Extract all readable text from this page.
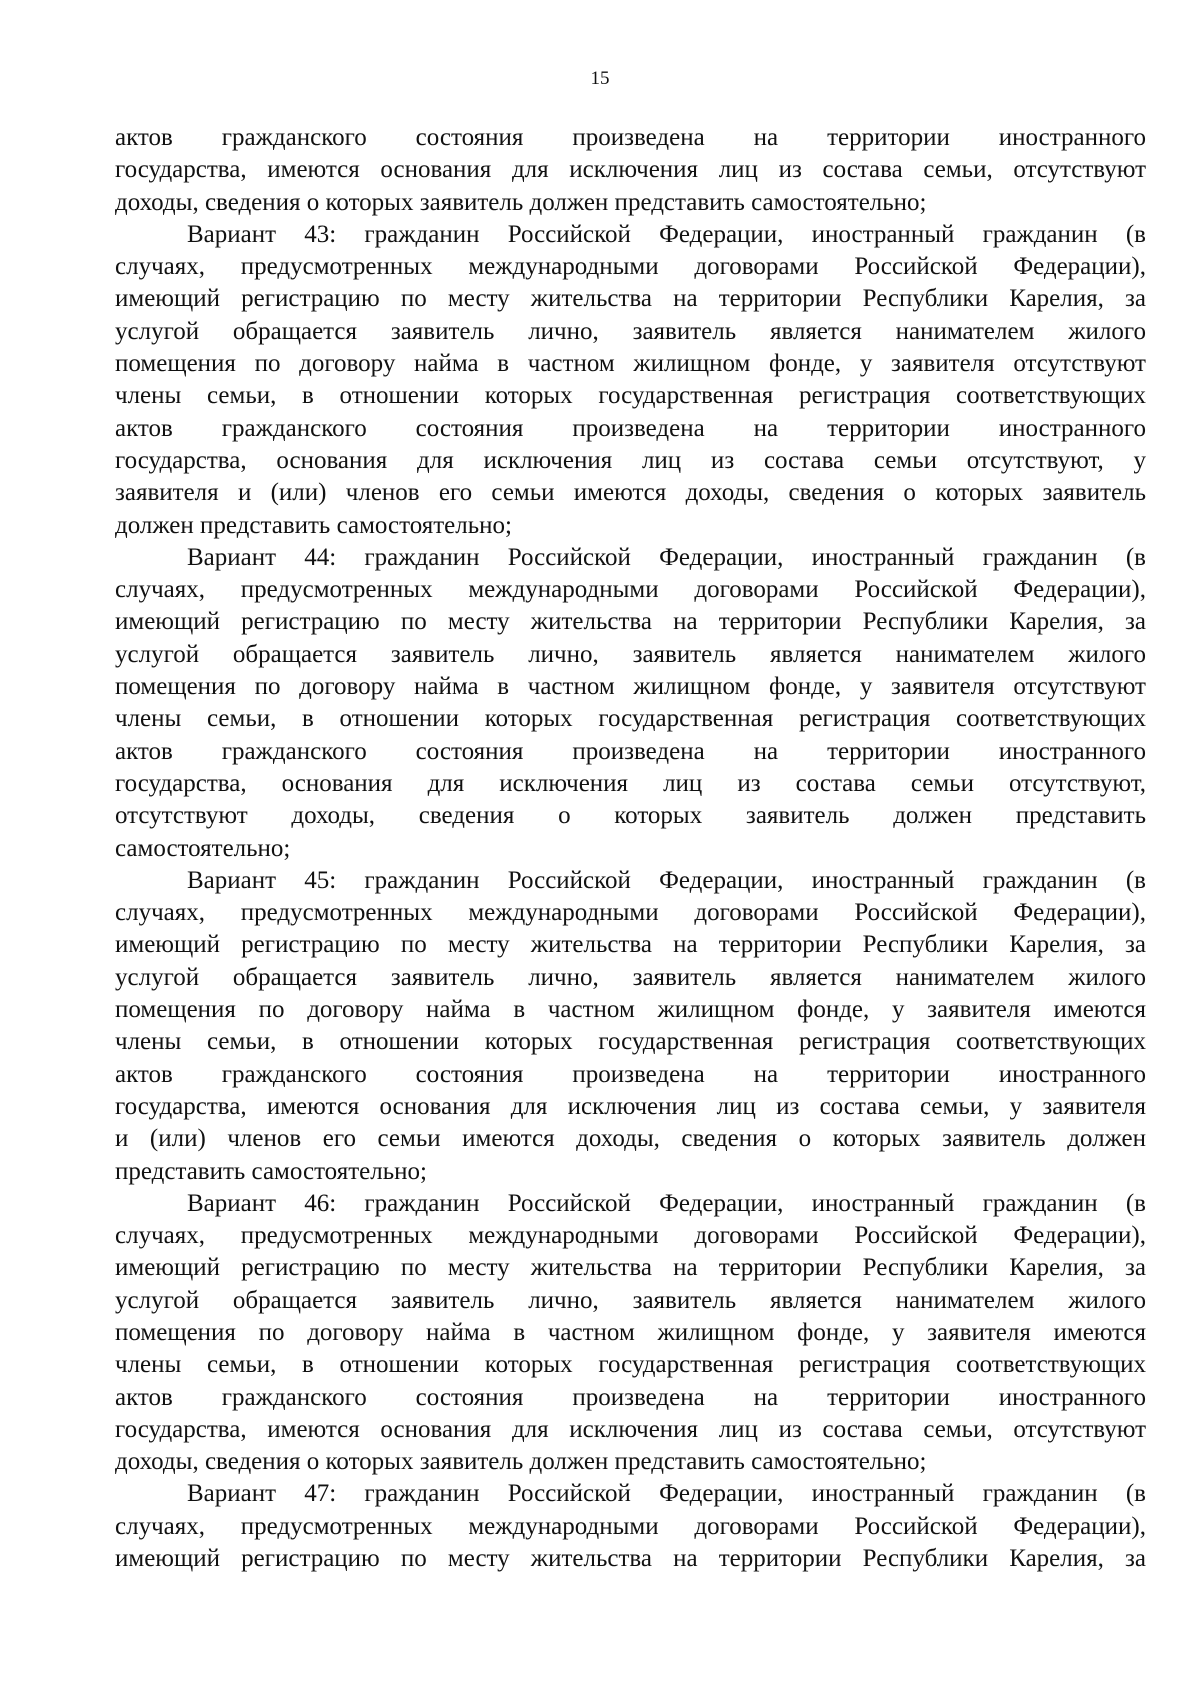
15
актов гражданского состояния произведена на территории иностранного
государства, имеются основания для исключения лиц из состава семьи, отсутствуют
доходы, сведения о которых заявитель должен представить самостоятельно;
Вариант 43: гражданин Российской Федерации, иностранный гражданин (в
случаях, предусмотренных международными договорами Российской Федерации),
имеющий регистрацию по месту жительства на территории Республики Карелия, за
услугой обращается заявитель лично, заявитель является нанимателем жилого
помещения по договору найма в частном жилищном фонде, у заявителя отсутствуют
члены семьи, в отношении которых государственная регистрация соответствующих
актов гражданского состояния произведена на территории иностранного
государства, основания для исключения лиц из состава семьи отсутствуют, у
заявителя и (или) членов его семьи имеются доходы, сведения о которых заявитель
должен представить самостоятельно;
Вариант 44: гражданин Российской Федерации, иностранный гражданин (в
случаях, предусмотренных международными договорами Российской Федерации),
имеющий регистрацию по месту жительства на территории Республики Карелия, за
услугой обращается заявитель лично, заявитель является нанимателем жилого
помещения по договору найма в частном жилищном фонде, у заявителя отсутствуют
члены семьи, в отношении которых государственная регистрация соответствующих
актов гражданского состояния произведена на территории иностранного
государства, основания для исключения лиц из состава семьи отсутствуют,
отсутствуют доходы, сведения о которых заявитель должен представить
самостоятельно;
Вариант 45: гражданин Российской Федерации, иностранный гражданин (в
случаях, предусмотренных международными договорами Российской Федерации),
имеющий регистрацию по месту жительства на территории Республики Карелия, за
услугой обращается заявитель лично, заявитель является нанимателем жилого
помещения по договору найма в частном жилищном фонде, у заявителя имеются
члены семьи, в отношении которых государственная регистрация соответствующих
актов гражданского состояния произведена на территории иностранного
государства, имеются основания для исключения лиц из состава семьи, у заявителя
и (или) членов его семьи имеются доходы, сведения о которых заявитель должен
представить самостоятельно;
Вариант 46: гражданин Российской Федерации, иностранный гражданин (в
случаях, предусмотренных международными договорами Российской Федерации),
имеющий регистрацию по месту жительства на территории Республики Карелия, за
услугой обращается заявитель лично, заявитель является нанимателем жилого
помещения по договору найма в частном жилищном фонде, у заявителя имеются
члены семьи, в отношении которых государственная регистрация соответствующих
актов гражданского состояния произведена на территории иностранного
государства, имеются основания для исключения лиц из состава семьи, отсутствуют
доходы, сведения о которых заявитель должен представить самостоятельно;
Вариант 47: гражданин Российской Федерации, иностранный гражданин (в
случаях, предусмотренных международными договорами Российской Федерации),
имеющий регистрацию по месту жительства на территории Республики Карелия, за
